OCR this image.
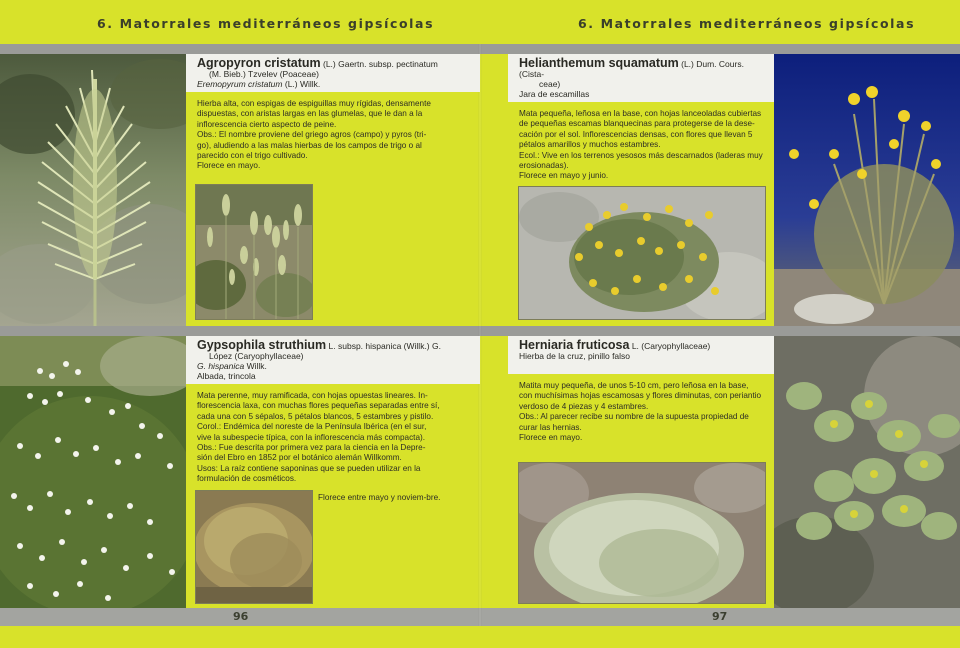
6. Matorrales mediterráneos gipsícolas	6. Matorrales mediterráneos gipsícolas
Agropyron cristatum (L.) Gaertn. subsp. pectinatum
(M. Bieb.) Tzvelev (Poaceae)
Eremopyrum cristatum (L.) Willk.

Hierba alta, con espigas de espiguillas muy rígidas, densamente

dispuestas, con aristas largas en las glumelas, que le dan a la

inflorescencia cierto aspecto de peine.

Obs.: El nombre proviene del griego agros (campo) y pyros (tri-

go), aludiendo a las malas hierbas de los campos de trigo o al

parecido con el trigo cultivado.

Florece en mayo.

Gypsophila struthium L. subsp. hispanica (Willk.) G.
López (Caryophyllaceae)
G. hispanica Willk.
Albada, trincola

Mata perenne, muy ramificada, con hojas opuestas lineares. In-

florescencia laxa, con muchas flores pequeñas separadas entre sí,

cada una con 5 sépalos, 5 pétalos blancos, 5 estambres y pistilo.

Corol.: Endémica del noreste de la Península Ibérica (en el sur,

vive la subespecie típica, con la inflorescencia más compacta).

Obs.: Fue descrita por primera vez para la ciencia en la Depre-

sión del Ebro en 1852 por el botánico alemán Willkomm.

Usos: La raíz contiene saponinas que se pueden utilizar en la

formulación de cosméticos.

Florece entre mayo y noviem-bre.
Helianthemum squamatum (L.) Dum. Cours. (Cista-
ceae)
Jara de escamillas

Mata pequeña, leñosa en la base, con hojas lanceoladas cubiertas

de pequeñas escamas blanquecinas para protegerse de la dese-

cación por el sol. Inflorescencias densas, con flores que llevan 5

pétalos amarillos y muchos estambres.

Ecol.: Vive en los terrenos yesosos más descarnados (laderas muy

erosionadas).

Florece en mayo y junio.

Herniaria fruticosa L. (Caryophyllaceae)
Hierba de la cruz, pinillo falso

Matita muy pequeña, de unos 5-10 cm, pero leñosa en la base,

con muchísimas hojas escamosas y flores diminutas, con periantio

verdoso de 4 piezas y 4 estambres.

Obs.: Al parecer recibe su nombre de la supuesta propiedad de

curar las hernias.

Florece en mayo.

96	97
